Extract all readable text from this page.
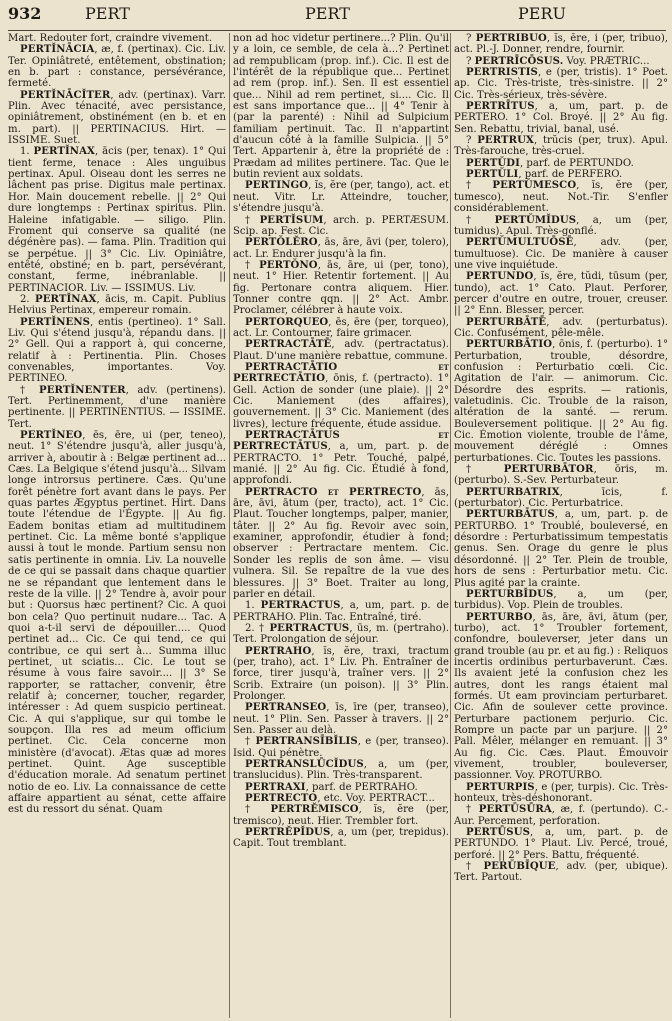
932	PERT	PERT	PERU

Mart. Redouter fort, craindre vivement.

PERTĬNĀCIA, æ, f. (pertinax). Cic. Liv. Ter. Opiniâtreté, entêtement, obstination; en b. part : constance, persévérance, fermeté.

PERTĬNĀCĬTER, adv. (pertinax). Varr. Plin. Avec ténacité, avec persistance, opiniâtrement, obstinément (en b. et en m. part). || PERTINACIUS. Hirt. — ISSIME. Suet.

1. PERTĬNAX, ācis (per, tenax). 1° Qui tient ferme, tenace : Ales unguibus pertinax. Apul. Oiseau dont les serres ne lâchent pas prise. Digitus male pertinax. Hor. Main doucement rebelle. || 2° Qui dure longtemps : Pertinax spiritus. Plin. Haleine infatigable. — siligo. Plin. Froment qui conserve sa qualité (ne dégénère pas). — fama. Plin. Tradition qui se perpétue. || 3° Cic. Liv. Opiniâtre, entêté, obstiné; en b. part, persévérant, constant, ferme, inébranlable. || PERTINACIOR. Liv. — ISSIMUS. Liv.

2. PERTĬNAX, ācis, m. Capit. Publius Helvius Pertinax, empereur romain.

PERTĬNENS, entis (pertineo). 1° Sall. Liv. Qui s'étend jusqu'à, répandu dans. || 2° Gell. Qui a rapport à, qui concerne, relatif à : Pertinentia. Plin. Choses convenables, importantes. Voy. PERTINEO.

† PERTĬNENTER, adv. (pertinens). Tert. Pertinemment, d'une manière pertinente. || PERTINENTIUS. — ISSIME. Tert.

PERTĬNEO, ēs, ēre, ui (per, teneo), neut. 1° S'étendre jusqu'à, aller jusqu'à, arriver à, aboutir à : Belgæ pertinent ad... Cæs. La Belgique s'étend jusqu'à... Silvam longe introrsus pertinere. Cæs. Qu'une forêt pénètre fort avant dans le pays. Per quas partes Ægyptus pertinet. Hirt. Dans toute l'étendue de l'Égypte. || Au fig. Eadem bonitas etiam ad multitudinem pertinet. Cic. La même bonté s'applique aussi à tout le monde. Partium sensu non satis pertinente in omnia. Liv. La nouvelle de ce qui se passait dans chaque quartier ne se répandant que lentement dans le reste de la ville. || 2° Tendre à, avoir pour but : Quorsus hæc pertinent? Cic. A quoi bon cela? Quo pertinuit nudare... Tac. A quoi a-t-il servi de dépouiller..... Quod pertinet ad... Cic. Ce qui tend, ce qui contribue, ce qui sert à... Summa illuc pertinet, ut sciatis... Cic. Le tout se résume à vous faire savoir.... || 3° Se rapporter, se rattacher, convenir, être relatif à; concerner, toucher, regarder, intéresser : Ad quem suspicio pertineat. Cic. A qui s'applique, sur qui tombe le soupçon. Illa res ad meum officium pertinet. Cic. Cela concerne mon ministère (d'avocat). Ætas quæ ad mores pertinet. Quint. Age susceptible d'éducation morale. Ad senatum pertinet notio de eo. Liv. La connaissance de cette affaire appartient au sénat, cette affaire est du ressort du sénat. Quam

non ad hoc videtur pertinere...? Plin. Qu'il y a loin, ce semble, de cela à...? Pertinet ad rempublicam (prop. inf.). Cic. Il est de l'intérêt de la république que... Pertinet ad rem (prop. inf.). Sen. Il est essentiel que... Nihil ad rem pertinet, si.... Cic. Il est sans importance que... || 4° Tenir à (par la parenté) : Nihil ad Sulpicium familiam pertinuit. Tac. Il n'appartint d'aucun côté à la famille Sulpicia. || 5° Tert. Appartenir à, être la propriété de : Prædam ad milites pertinere. Tac. Que le butin revient aux soldats.

PERTINGO, ĭs, ĕre (per, tango), act. et neut. Vitr. Lr. Atteindre, toucher, s'étendre jusqu'à.

† PERTĬSUM, arch. p. PERTÆSUM. Scip. ap. Fest. Cic.

PERTŎLĔRO, ās, āre, āvi (per, tolero), act. Lr. Endurer jusqu'à la fin.

† PERTŎNO, ās, āre, ui (per, tono), neut. 1° Hier. Retentir fortement. || Au fig. Pertonare contra aliquem. Hier. Tonner contre qqn. || 2° Act. Ambr. Proclamer, célébrer à haute voix.

PERTORQUEO, ēs, ēre (per, torqueo), act. Lr. Contourner, faire grimacer.

PERTRACTĀTĒ, adv. (pertractatus). Plaut. D'une manière rebattue, commune.

PERTRACTĀTIO et PERTRECTĀTIO, ōnis, f. (pertracto). 1° Gell. Action de sonder (une plaie). || 2° Cic. Maniement (des affaires), gouvernement. || 3° Cic. Maniement (des livres), lecture fréquente, étude assidue.

PERTRACTĀTUS et PERTRECTĀTUS, a, um, part. p. de PERTRACTO. 1° Petr. Touché, palpé, manié. || 2° Au fig. Cic. Étudié à fond, approfondi.

PERTRACTO et PERTRECTO, ās, āre, āvi, ātum (per, tracto), act. 1° Cic. Plaut. Toucher longtemps, palper, manier, tâter. || 2° Au fig. Revoir avec soin, examiner, approfondir, étudier à fond; observer : Pertractare mentem. Cic. Sonder les replis de son âme. — visu vulnera. Sil. Se repaître de la vue des blessures. || 3° Boet. Traiter au long, parler en détail.

1. PERTRACTUS, a, um, part. p. de PERTRAHO. Plin. Tac. Entraîné, tiré.

2. † PERTRACTUS, ūs, m. (pertraho). Tert. Prolongation de séjour.

PERTRAHO, ĭs, ĕre, traxi, tractum (per, traho), act. 1° Liv. Ph. Entraîner de force, tirer jusqu'à, traîner vers. || 2° Scrib. Extraire (un poison). || 3° Plin. Prolonger.

PERTRANSEO, īs, īre (per, transeo), neut. 1° Plin. Sen. Passer à travers. || 2° Sen. Passer au delà.

† PERTRANSĪBĬLIS, e (per, transeo). Isid. Qui pénètre.

PERTRANSLŪCĬDUS, a, um (per, translucidus). Plin. Très-transparent.

PERTRAXI, parf. de PERTRAHO.

PERTRECTO, etc. Voy. PERTRACT...

† PERTRĔMISCO, ĭs, ĕre (per, tremisco), neut. Hier. Trembler fort.

PERTRĔPĬDUS, a, um (per, trepidus). Capit. Tout tremblant.

? PERTRĪBUO, ĭs, ĕre, i (per, tribuo), act. Pl.-J. Donner, rendre, fournir.

? PERTRĪCŌSUS. Voy. PRÆTRIC...

PERTRISTIS, e (per, tristis). 1° Poet. ap. Cic. Très-triste, très-sinistre. || 2° Cic. Très-sérieux, très-sévère.

PERTRĪTUS, a, um, part. p. de PERTERO. 1° Col. Broyé. || 2° Au fig. Sen. Rebattu, trivial, banal, usé.

? PERTRUX, trŭcis (per, trux). Apul. Très-farouche, très-cruel.

PERTŬDI, parf. de PERTUNDO.

PERTŬLI, parf. de PERFERO.

† PERTŬMESCO, ĭs, ĕre (per, tumesco), neut. Not.-Tir. S'enfler considérablement.

† PERTŬMĬDUS, a, um (per, tumidus). Apul. Très-gonflé.

PERTŬMULTUŌSĒ, adv. (per, tumultuose). Cic. De manière à causer une vive inquiétude.

PERTUNDO, ĭs, ĕre, tŭdi, tūsum (per, tundo), act. 1° Cato. Plaut. Perforer, percer d'outre en outre, trouer, creuser. || 2° Enn. Blesser, percer.

PERTURBĀTĒ, adv. (perturbatus). Cic. Confusément, pêle-mêle.

PERTURBĀTIO, ōnis, f. (perturbo). 1° Perturbation, trouble, désordre, confusion : Perturbatio cœli. Cic. Agitation de l'air. — animorum. Cic. Désordre des esprits. — rationis, valetudinis. Cic. Trouble de la raison, altération de la santé. — rerum. Bouleversement politique. || 2° Au fig. Cic. Émotion violente, trouble de l'âme, mouvement déréglé : Omnes perturbationes. Cic. Toutes les passions.

† PERTURBĀTOR, ōris, m. (perturbo). S.-Sev. Perturbateur.

PERTURBATRIX, īcis, f. (perturbator). Cic. Perturbatrice.

PERTURBĀTUS, a, um, part. p. de PERTURBO. 1° Troublé, bouleversé, en désordre : Perturbatissimum tempestatis genus. Sen. Orage du genre le plus désordonné. || 2° Ter. Plein de trouble, hors de sens : Perturbatior metu. Cic. Plus agité par la crainte.

PERTURBĬDUS, a, um (per, turbidus). Vop. Plein de troubles.

PERTURBO, ās, āre, āvi, ātum (per, turbo), act. 1° Troubler fortement, confondre, bouleverser, jeter dans un grand trouble (au pr. et au fig.) : Reliquos incertis ordinibus perturbaverunt. Cæs. Ils avaient jeté la confusion chez les autres, dont les rangs étaient mal formés. Ut eam provinciam perturbaret. Cic. Afin de soulever cette province. Perturbare pactionem perjurio. Cic. Rompre un pacte par un parjure. || 2° Pall. Mêler, mélanger en remuant. || 3° Au fig. Cic. Cæs. Plaut. Émouvoir vivement, troubler, bouleverser, passionner. Voy. PROTURBO.

PERTURPIS, e (per, turpis). Cic. Très-honteux, très-déshonorant.

† PERTŪSŪRA, æ, f. (pertundo). C.-Aur. Percement, perforation.

PERTŪSUS, a, um, part. p. de PERTUNDO. 1° Plaut. Liv. Percé, troué, perforé. || 2° Pers. Battu, fréquenté.

† PERŬBĪQUE, adv. (per, ubique). Tert. Partout.
